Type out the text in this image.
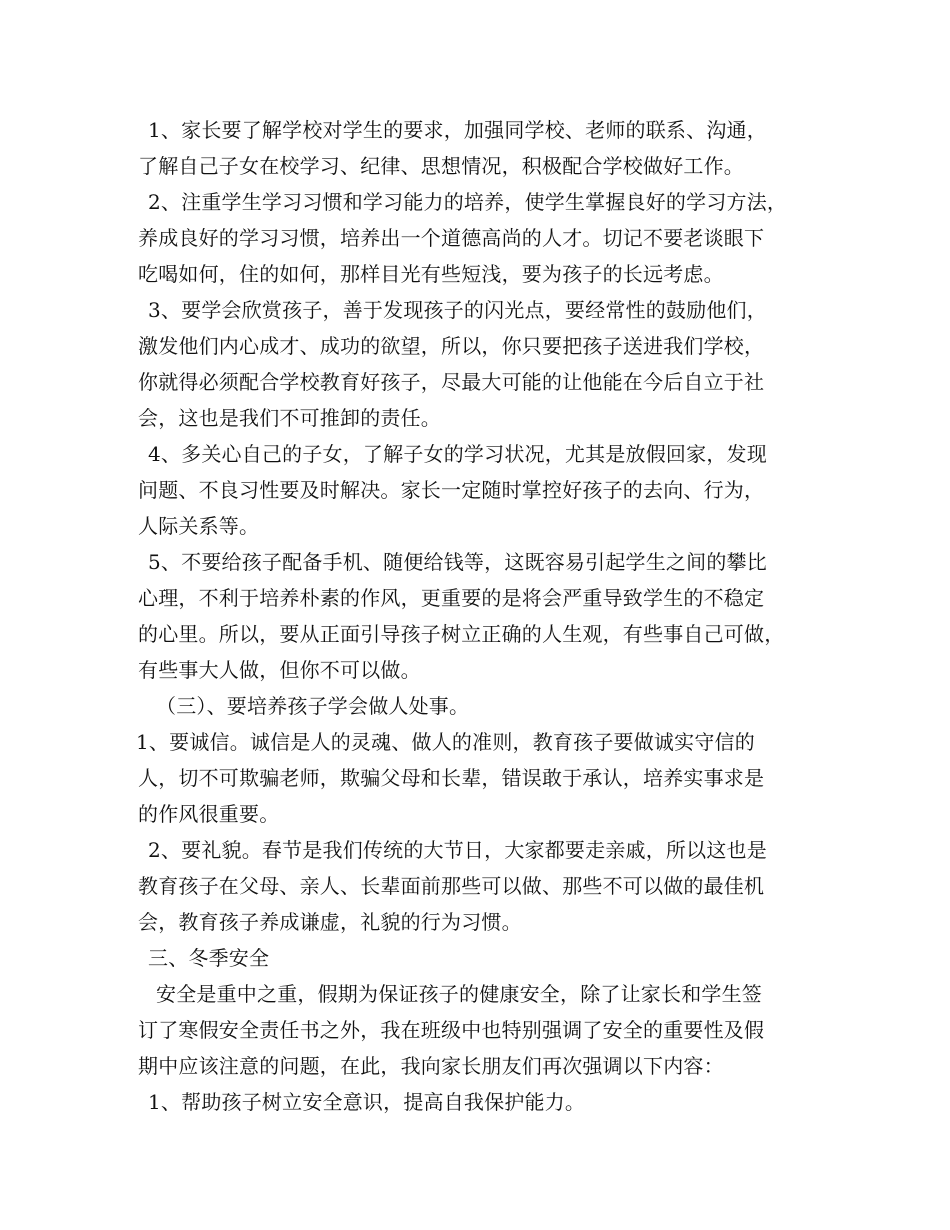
1、家长要了解学校对学生的要求，加强同学校、老师的联系、沟通，
了解自己子女在校学习、纪律、思想情况，积极配合学校做好工作。
2、注重学生学习习惯和学习能力的培养，使学生掌握良好的学习方法，
养成良好的学习习惯，培养出一个道德高尚的人才。切记不要老谈眼下
吃喝如何，住的如何，那样目光有些短浅，要为孩子的长远考虑。
3、要学会欣赏孩子，善于发现孩子的闪光点，要经常性的鼓励他们，
激发他们内心成才、成功的欲望，所以，你只要把孩子送进我们学校，
你就得必须配合学校教育好孩子，尽最大可能的让他能在今后自立于社
会，这也是我们不可推卸的责任。
4、多关心自己的子女，了解子女的学习状况，尤其是放假回家，发现
问题、不良习性要及时解决。家长一定随时掌控好孩子的去向、行为，
人际关系等。
5、不要给孩子配备手机、随便给钱等，这既容易引起学生之间的攀比
心理，不利于培养朴素的作风，更重要的是将会严重导致学生的不稳定
的心里。所以，要从正面引导孩子树立正确的人生观，有些事自己可做，
有些事大人做，但你不可以做。
（三）、要培养孩子学会做人处事。
1、要诚信。诚信是人的灵魂、做人的准则，教育孩子要做诚实守信的
人，切不可欺骗老师，欺骗父母和长辈，错误敢于承认，培养实事求是
的作风很重要。
2、要礼貌。春节是我们传统的大节日，大家都要走亲戚，所以这也是
教育孩子在父母、亲人、长辈面前那些可以做、那些不可以做的最佳机
会，教育孩子养成谦虚，礼貌的行为习惯。
三、冬季安全
安全是重中之重，假期为保证孩子的健康安全，除了让家长和学生签
订了寒假安全责任书之外，我在班级中也特别强调了安全的重要性及假
期中应该注意的问题，在此，我向家长朋友们再次强调以下内容：
1、帮助孩子树立安全意识，提高自我保护能力。
